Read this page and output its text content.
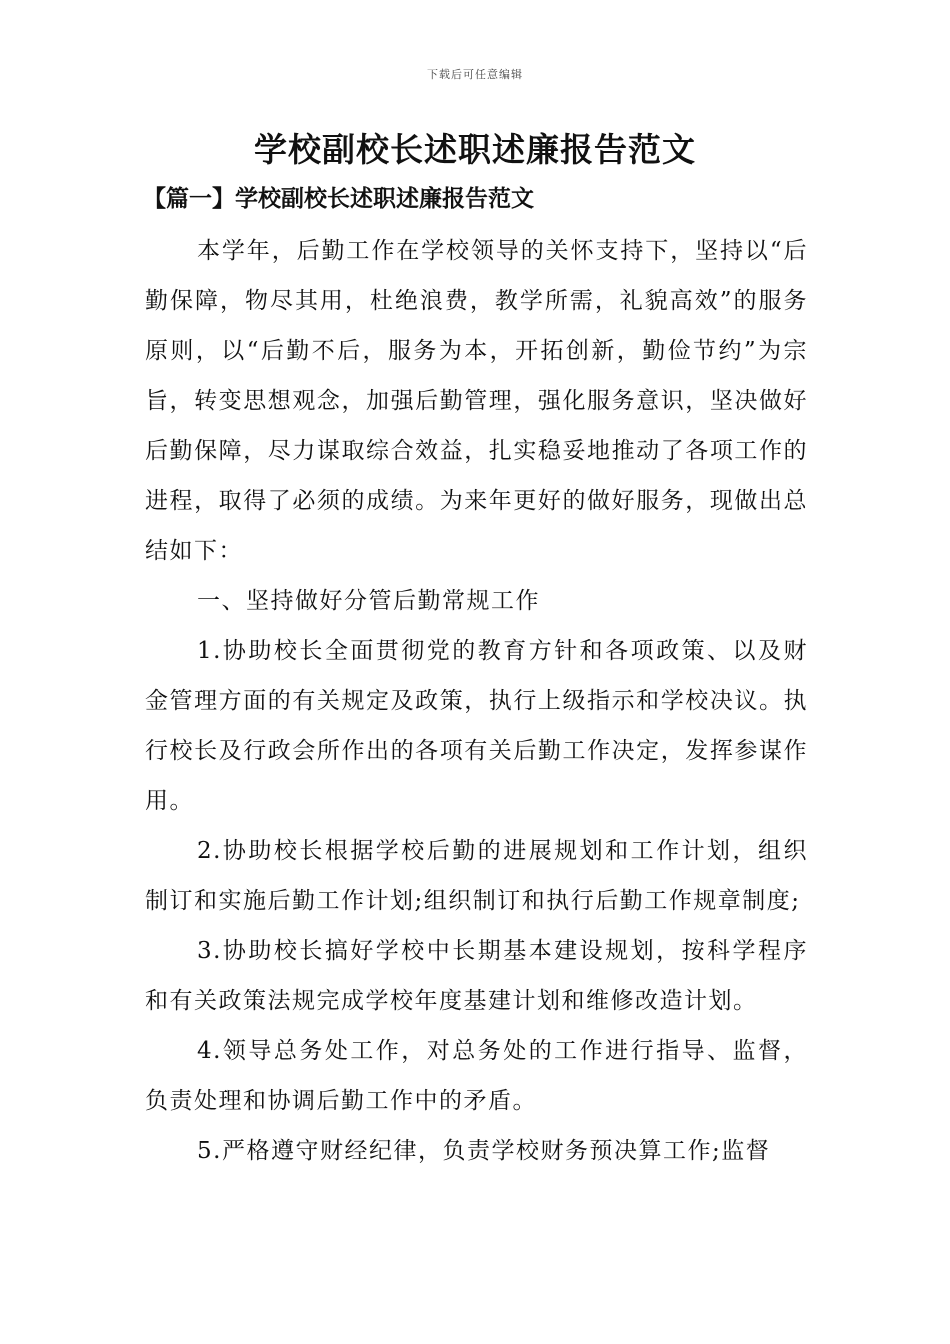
下载后可任意编辑
学校副校长述职述廉报告范文
【篇一】学校副校长述职述廉报告范文

本学年，后勤工作在学校领导的关怀支持下，坚持以“后勤保障，物尽其用，杜绝浪费，教学所需，礼貌高效”的服务原则，以“后勤不后，服务为本，开拓创新，勤俭节约”为宗旨，转变思想观念，加强后勤管理，强化服务意识，坚决做好后勤保障，尽力谋取综合效益，扎实稳妥地推动了各项工作的进程，取得了必须的成绩。为来年更好的做好服务，现做出总结如下：

一、坚持做好分管后勤常规工作

1.协助校长全面贯彻党的教育方针和各项政策、以及财金管理方面的有关规定及政策，执行上级指示和学校决议。执行校长及行政会所作出的各项有关后勤工作决定，发挥参谋作用。

2.协助校长根据学校后勤的进展规划和工作计划，组织制订和实施后勤工作计划;组织制订和执行后勤工作规章制度;

3.协助校长搞好学校中长期基本建设规划，按科学程序和有关政策法规完成学校年度基建计划和维修改造计划。

4.领导总务处工作，对总务处的工作进行指导、监督，负责处理和协调后勤工作中的矛盾。

5.严格遵守财经纪律，负责学校财务预决算工作;监督
